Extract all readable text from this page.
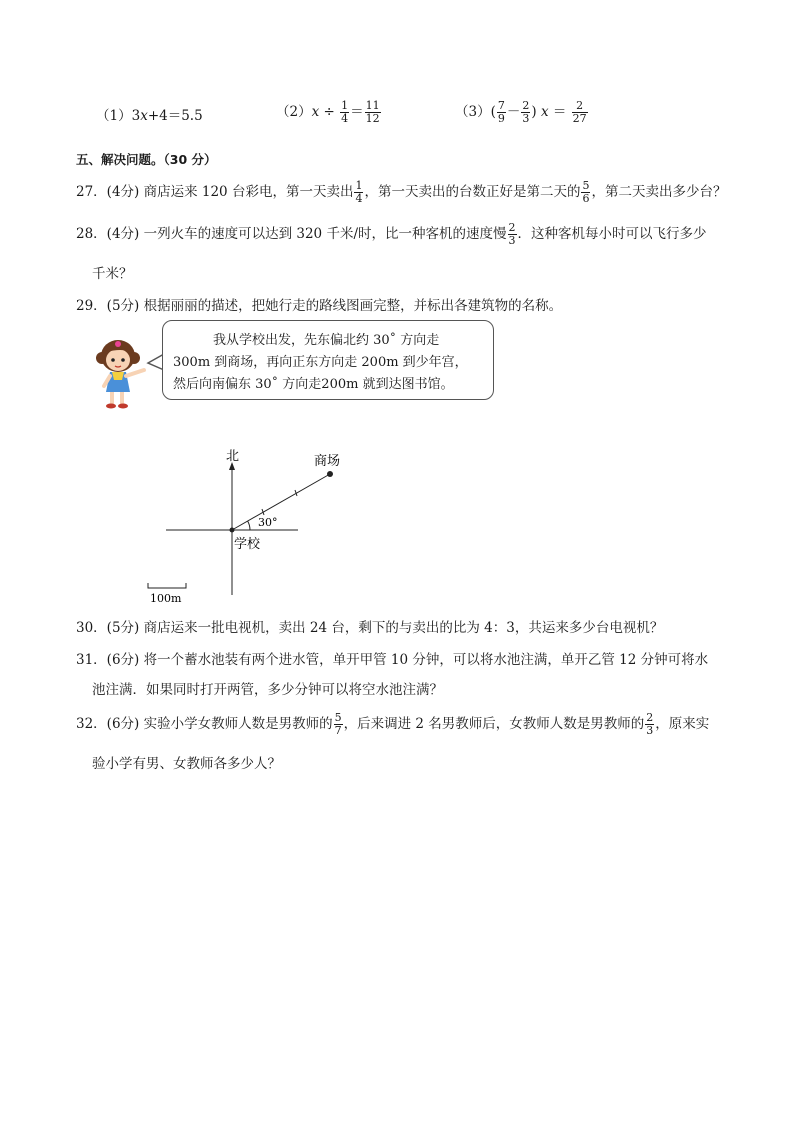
（1）3x+4＝5.5	$(2)x \div \frac{1}{4} = \frac{11}{12}$	$(3)( \frac{7}{9} - \frac{2}{3}$ ) $x = \frac{2}{27}$
五、解决问题。（30 分）
27．(4分) 商店运来 120 台彩电，第一天卖出 $\frac{1}{4}$ ，第一天卖出的台数正好是第二天的 $\frac{5}{6}$ ，第二天卖出多少台？
28．(4分) 一列火车的速度可以达到 320 千米/时，比一种客机的速度慢 $\frac{2}{3}$ ．这种客机每小时可以飞行多少
千米？
29．(5分) 根据丽丽的描述，把她行走的路线图画完整，并标出各建筑物的名称。
我从学校出发，先东偏北约 30˚ 方向走
300m 到商场，再向正东方向走 200m 到少年宫，
然后向南偏东 30˚ 方向走200m 就到达图书馆。
北	商场
30°
学校
100m
30．(5分) 商店运来一批电视机，卖出 24 台，剩下的与卖出的比为 4：3，共运来多少台电视机？
31．(6分) 将一个蓄水池装有两个进水管，单开甲管 10 分钟，可以将水池注满，单开乙管 12 分钟可将水
池注满．如果同时打开两管，多少分钟可以将空水池注满？
32．(6分) 实验小学女教师人数是男教师的 $\frac{5}{7}$ ，后来调进 2 名男教师后，女教师人数是男教师的 $\frac{2}{3}$ ，原来实
验小学有男、女教师各多少人？
